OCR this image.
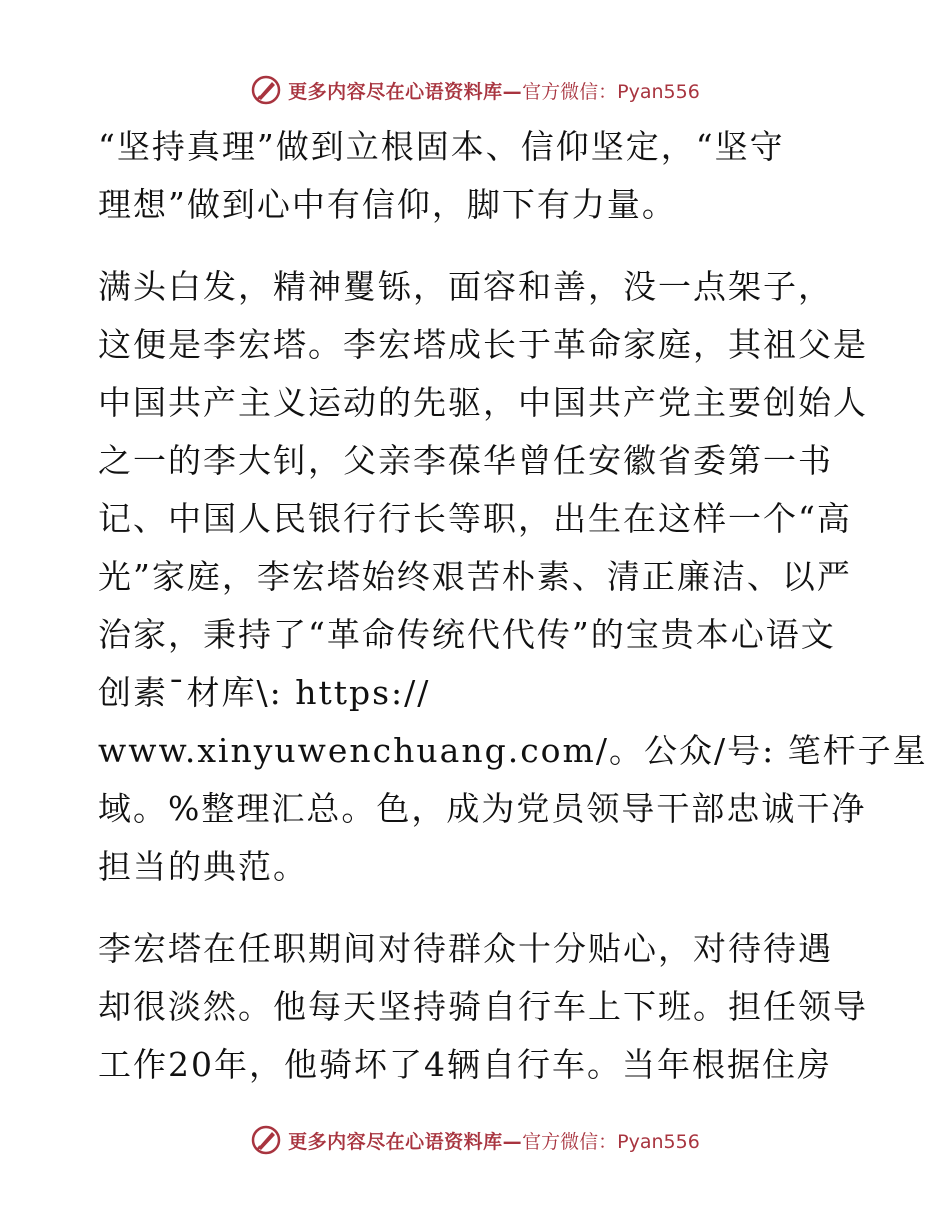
更多内容尽在心语资料库— 官方微信：Pyan556

“坚持真理”做到立根固本、信仰坚定，“坚守
理想”做到心中有信仰，脚下有力量。

满头白发，精神矍铄，面容和善，没一点架子，
这便是李宏塔。李宏塔成长于革命家庭，其祖父是
中国共产主义运动的先驱，中国共产党主要创始人
之一的李大钊，父亲李葆华曾任安徽省委第一书
记、中国人民银行行长等职，出生在这样一个“高
光”家庭，李宏塔始终艰苦朴素、清正廉洁、以严
治家，秉持了“革命传统代代传”的宝贵本心语文
创素¯材库\: https://
www.xinyuwenchuang.com/。公众/号: 笔杆子星
域。%整理汇总。色，成为党员领导干部忠诚干净
担当的典范。

李宏塔在任职期间对待群众十分贴心，对待待遇
却很淡然。他每天坚持骑自行车上下班。担任领导
工作20年，他骑坏了4辆自行车。当年根据住房

更多内容尽在心语资料库— 官方微信：Pyan556
